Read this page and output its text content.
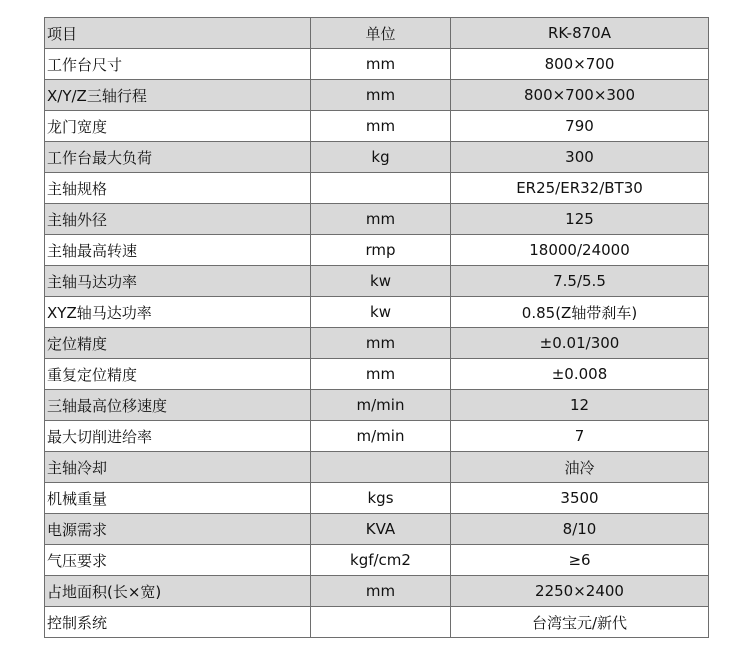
项目	单位	RK-870A
工作台尺寸	mm	800×700
X/Y/Z三轴行程	mm	800×700×300
龙门宽度	mm	790
工作台最大负荷	kg	300
主轴规格		ER25/ER32/BT30
主轴外径	mm	125
主轴最高转速	rmp	18000/24000
主轴马达功率	kw	7.5/5.5
XYZ轴马达功率	kw	0.85(Z轴带刹车)
定位精度	mm	±0.01/300
重复定位精度	mm	±0.008
三轴最高位移速度	m/min	12
最大切削进给率	m/min	7
主轴冷却		油冷
机械重量	kgs	3500
电源需求	KVA	8/10
气压要求	kgf/cm2	≥6
占地面积(长×宽)	mm	2250×2400
控制系统		台湾宝元/新代
